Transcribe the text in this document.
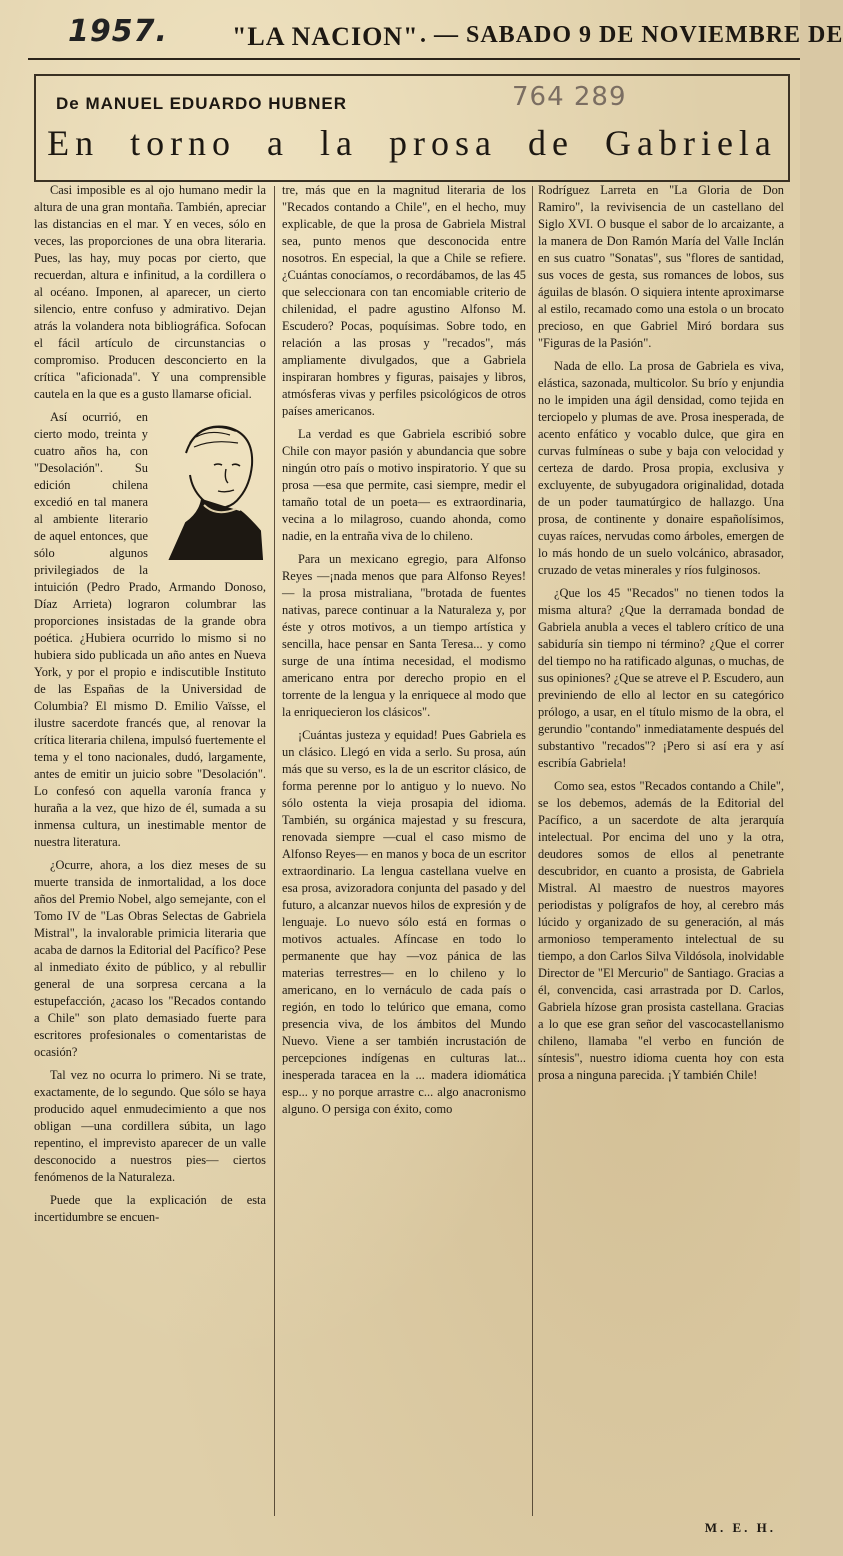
1957. "LA NACION" . — SABADO 9 DE NOVIEMBRE DE
De MANUEL EDUARDO HUBNER	764 289
En torno a la prosa de Gabriela

Casi imposible es al ojo humano medir la altura de una gran montaña. También, apreciar las distancias en el mar. Y en veces, sólo en veces, las proporciones de una obra literaria. Pues, las hay, muy pocas por cierto, que recuerdan, altura e infinitud, a la cordillera o al océano. Imponen, al aparecer, un cierto silencio, entre confuso y admirativo. Dejan atrás la volandera nota bibliográfica. Sofocan el fácil artículo de circunstancias o compromiso. Producen desconcierto en la crítica "aficionada". Y una comprensible cautela en la que es a gusto llamarse oficial.

Así ocurrió, en cierto modo, treinta y cuatro años ha, con "Desolación". Su edición chilena excedió en tal manera al ambiente literario de aquel entonces, que sólo algunos privilegiados de la intuición (Pedro Prado, Armando Donoso, Díaz Arrieta) lograron columbrar las proporciones insistadas de la grande obra poética. ¿Hubiera ocurrido lo mismo si no hubiera sido publicada un año antes en Nueva York, y por el propio e indiscutible Instituto de las Españas de la Universidad de Columbia? El mismo D. Emilio Vaïsse, el ilustre sacerdote francés que, al renovar la crítica literaria chilena, impulsó fuertemente el tema y el tono nacionales, dudó, largamente, antes de emitir un juicio sobre "Desolación". Lo confesó con aquella varonía franca y huraña a la vez, que hizo de él, sumada a su inmensa cultura, un inestimable mentor de nuestra literatura.

¿Ocurre, ahora, a los diez meses de su muerte transida de inmortalidad, a los doce años del Premio Nobel, algo semejante, con el Tomo IV de "Las Obras Selectas de Gabriela Mistral", la invalorable primicia literaria que acaba de darnos la Editorial del Pacífico? Pese al inmediato éxito de público, y al rebullir general de una sorpresa cercana a la estupefacción, ¿acaso los "Recados contando a Chile" son plato demasiado fuerte para escritores profesionales o comentaristas de ocasión?

Tal vez no ocurra lo primero. Ni se trate, exactamente, de lo segundo. Que sólo se haya producido aquel enmudecimiento a que nos obligan —una cordillera súbita, un lago repentino, el imprevisto aparecer de un valle desconocido a nuestros pies— ciertos fenómenos de la Naturaleza.

Puede que la explicación de esta incertidumbre se encuen-

tre, más que en la magnitud literaria de los "Recados contando a Chile", en el hecho, muy explicable, de que la prosa de Gabriela Mistral sea, punto menos que desconocida entre nosotros. En especial, la que a Chile se refiere. ¿Cuántas conocíamos, o recordábamos, de las 45 que seleccionara con tan encomiable criterio de chilenidad, el padre agustino Alfonso M. Escudero? Pocas, poquísimas. Sobre todo, en relación a las prosas y "recados", más ampliamente divulgados, que a Gabriela inspiraran hombres y figuras, paisajes y libros, atmósferas vivas y perfiles psicológicos de otros países americanos.

La verdad es que Gabriela escribió sobre Chile con mayor pasión y abundancia que sobre ningún otro país o motivo inspiratorio. Y que su prosa —esa que permite, casi siempre, medir el tamaño total de un poeta— es extraordinaria, vecina a lo milagroso, cuando ahonda, como nadie, en la entraña viva de lo chileno.

Para un mexicano egregio, para Alfonso Reyes —¡nada menos que para Alfonso Reyes!— la prosa mistraliana, "brotada de fuentes nativas, parece continuar a la Naturaleza y, por éste y otros motivos, a un tiempo artística y sencilla, hace pensar en Santa Teresa... y como surge de una íntima necesidad, el modismo americano entra por derecho propio en el torrente de la lengua y la enriquece al modo que la enriquecieron los clásicos".

¡Cuántas justeza y equidad! Pues Gabriela es un clásico. Llegó en vida a serlo. Su prosa, aún más que su verso, es la de un escritor clásico, de forma perenne por lo antiguo y lo nuevo. No sólo ostenta la vieja prosapia del idioma. También, su orgánica majestad y su frescura, renovada siempre —cual el caso mismo de Alfonso Reyes— en manos y boca de un escritor extraordinario. La lengua castellana vuelve en esa prosa, avizoradora conjunta del pasado y del futuro, a alcanzar nuevos hilos de expresión y de lenguaje. Lo nuevo sólo está en formas o motivos actuales. Afíncase en todo lo permanente que hay —voz pánica de las materias terrestres— en lo chileno y lo americano, en lo vernáculo de cada país o región, en todo lo telúrico que emana, como presencia viva, de los ámbitos del Mundo Nuevo. Viene a ser también incrustación de percepciones indígenas en culturas lat... inesperada taracea en la ... madera idiomática esp... y no porque arrastre c... algo anacronismo alguno. O persiga con éxito, como

Rodríguez Larreta en "La Gloria de Don Ramiro", la revivisencia de un castellano del Siglo XVI. O busque el sabor de lo arcaizante, a la manera de Don Ramón María del Valle Inclán en sus cuatro "Sonatas", sus "flores de santidad, sus voces de gesta, sus romances de lobos, sus águilas de blasón. O siquiera intente aproximarse al estilo, recamado como una estola o un brocato precioso, en que Gabriel Miró bordara sus "Figuras de la Pasión".

Nada de ello. La prosa de Gabriela es viva, elástica, sazonada, multicolor. Su brío y enjundia no le impiden una ágil densidad, como tejida en terciopelo y plumas de ave. Prosa inesperada, de acento enfático y vocablo dulce, que gira en curvas fulmíneas o sube y baja con velocidad y certeza de dardo. Prosa propia, exclusiva y excluyente, de subyugadora originalidad, dotada de un poder taumatúrgico de hallazgo. Una prosa, de continente y donaire españolísimos, cuyas raíces, nervudas como árboles, emergen de lo más hondo de un suelo volcánico, abrasador, cruzado de vetas minerales y ríos fulginosos.

¿Que los 45 "Recados" no tienen todos la misma altura? ¿Que la derramada bondad de Gabriela anubla a veces el tablero crítico de una sabiduría sin tiempo ni término? ¿Que el correr del tiempo no ha ratificado algunas, o muchas, de sus opiniones? ¿Que se atreve el P. Escudero, aun previniendo de ello al lector en su categórico prólogo, a usar, en el título mismo de la obra, el gerundio "contando" inmediatamente después del substantivo "recados"? ¡Pero si así era y así escribía Gabriela!

Como sea, estos "Recados contando a Chile", se los debemos, además de la Editorial del Pacífico, a un sacerdote de alta jerarquía intelectual. Por encima del uno y la otra, deudores somos de ellos al penetrante descubridor, en cuanto a prosista, de Gabriela Mistral. Al maestro de nuestros mayores periodistas y polígrafos de hoy, al cerebro más lúcido y organizado de su generación, al más armonioso temperamento intelectual de su tiempo, a don Carlos Silva Vildósola, inolvidable Director de "El Mercurio" de Santiago. Gracias a él, convencida, casi arrastrada por D. Carlos, Gabriela hízose gran prosista castellana. Gracias a lo que ese gran señor del vascocastellanismo chileno, llamaba "el verbo en función de síntesis", nuestro idioma cuenta hoy con esta prosa a ninguna parecida. ¡Y también Chile!

M. E. H.
